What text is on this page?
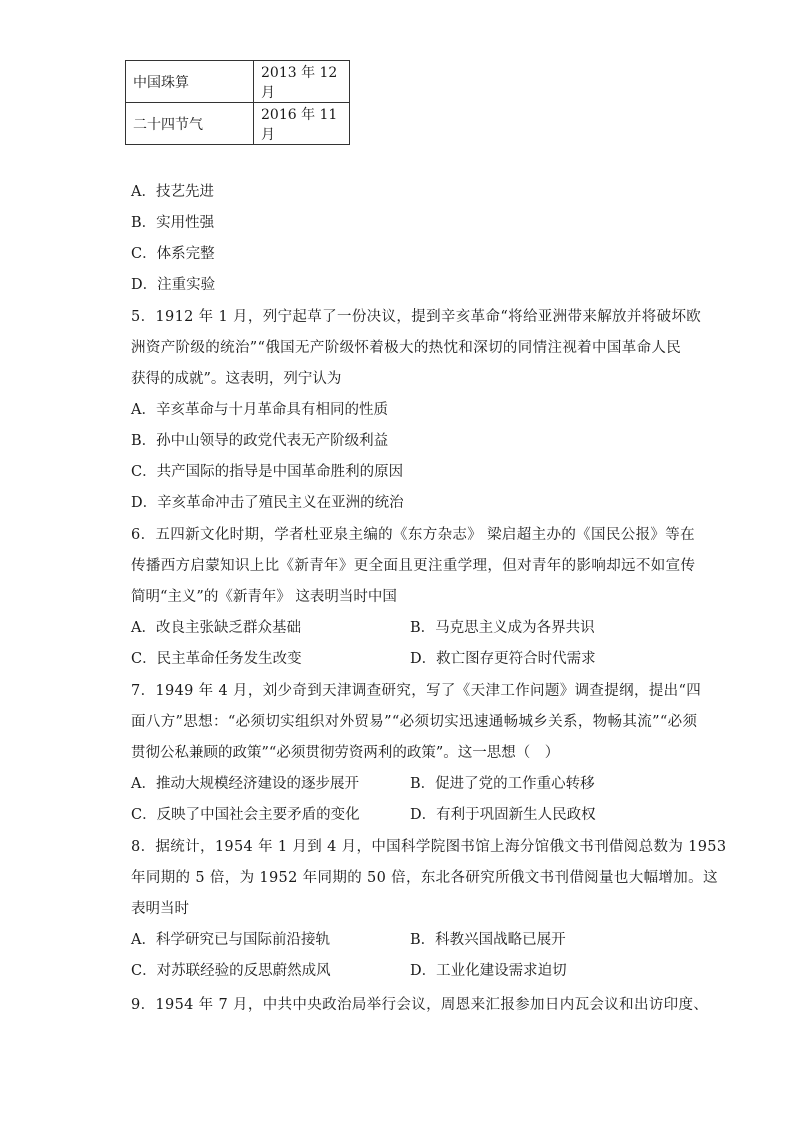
中国珠算	2013 年 12 月
二十四节气	2016 年 11 月
A．技艺先进
B．实用性强
C．体系完整
D．注重实验
5．1912 年 1 月，列宁起草了一份决议，提到辛亥革命“将给亚洲带来解放并将破坏欧
洲资产阶级的统治”“俄国无产阶级怀着极大的热忱和深切的同情注视着中国革命人民
获得的成就”。这表明，列宁认为
A．辛亥革命与十月革命具有相同的性质
B．孙中山领导的政党代表无产阶级利益
C．共产国际的指导是中国革命胜利的原因
D．辛亥革命冲击了殖民主义在亚洲的统治
6．五四新文化时期，学者杜亚泉主编的《东方杂志》 梁启超主办的《国民公报》等在
传播西方启蒙知识上比《新青年》更全面且更注重学理，但对青年的影响却远不如宣传
简明“主义”的《新青年》 这表明当时中国
A．改良主张缺乏群众基础	B．马克思主义成为各界共识
C．民主革命任务发生改变	D．救亡图存更符合时代需求
7．1949 年 4 月，刘少奇到天津调查研究，写了《天津工作问题》调查提纲，提出“四
面八方”思想：“必须切实组织对外贸易”“必须切实迅速通畅城乡关系，物畅其流”“必须
贯彻公私兼顾的政策”“必须贯彻劳资两利的政策”。这一思想（　）
A．推动大规模经济建设的逐步展开	B．促进了党的工作重心转移
C．反映了中国社会主要矛盾的变化	D．有利于巩固新生人民政权
8．据统计，1954 年 1 月到 4 月，中国科学院图书馆上海分馆俄文书刊借阅总数为 1953
年同期的 5 倍，为 1952 年同期的 50 倍，东北各研究所俄文书刊借阅量也大幅增加。这
表明当时
A．科学研究已与国际前沿接轨	B．科教兴国战略已展开
C．对苏联经验的反思蔚然成风	D．工业化建设需求迫切
9．1954 年 7 月，中共中央政治局举行会议，周恩来汇报参加日内瓦会议和出访印度、
